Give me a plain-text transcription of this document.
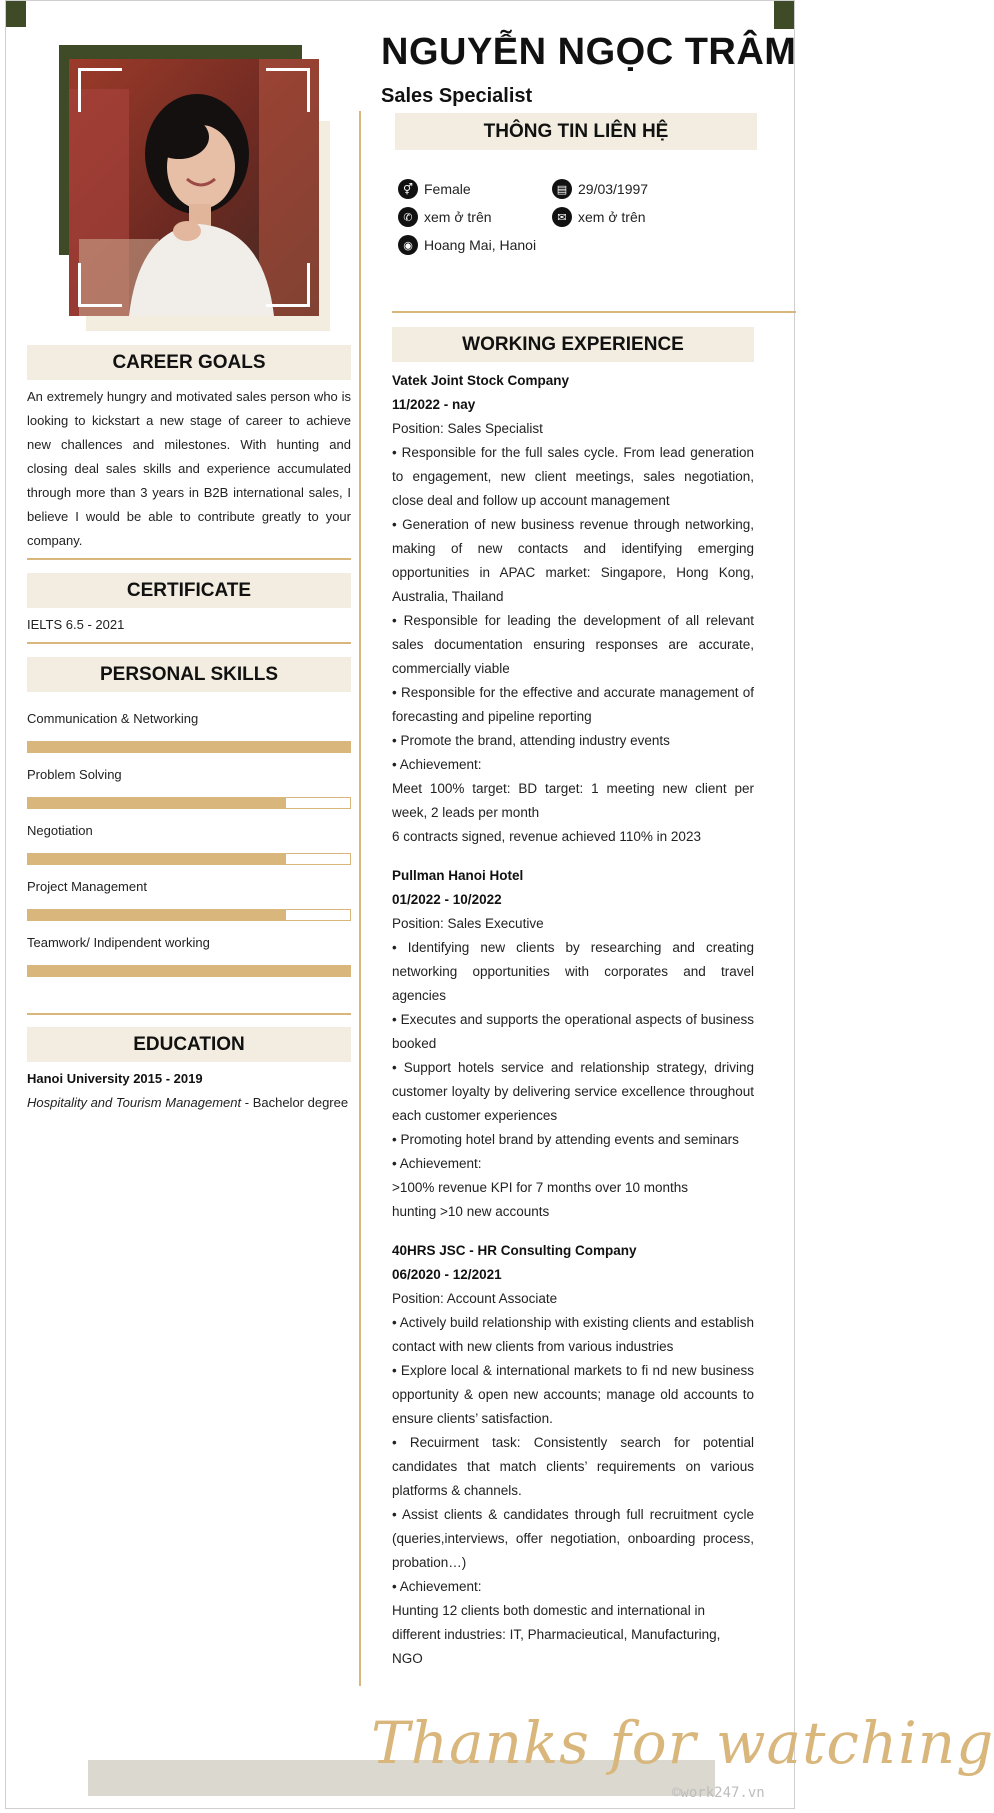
CAREER GOALS
An extremely hungry and motivated sales person who is looking to kickstart a new stage of career to achieve new challences and milestones. With hunting and closing deal sales skills and experience accumulated through more than 3 years in B2B international sales, I believe I would be able to contribute greatly to your company.
CERTIFICATE
IELTS 6.5 - 2021
PERSONAL SKILLS
Communication & Networking
Problem Solving
Negotiation
Project Management
Teamwork/ Indipendent working
EDUCATION
Hanoi University 2015 - 2019
Hospitality and Tourism Management - Bachelor degree
NGUYỄN NGỌC TRÂM
Sales Specialist
THÔNG TIN LIÊN HỆ
⚥ Female	▤ 29/03/1997
✆ xem ở trên	✉ xem ở trên
◉ Hoang Mai, Hanoi
WORKING EXPERIENCE
Vatek Joint Stock Company
11/2022 - nay
Position: Sales Specialist
• Responsible for the full sales cycle. From lead generation to engagement, new client meetings, sales negotiation, close deal and follow up account management
• Generation of new business revenue through networking, making of new contacts and identifying emerging opportunities in APAC market: Singapore, Hong Kong, Australia, Thailand
• Responsible for leading the development of all relevant sales documentation ensuring responses are accurate, commercially viable
• Responsible for the effective and accurate management of forecasting and pipeline reporting
• Promote the brand, attending industry events
• Achievement:
Meet 100% target: BD target: 1 meeting new client per week, 2 leads per month
6 contracts signed, revenue achieved 110% in 2023
Pullman Hanoi Hotel
01/2022 - 10/2022
Position: Sales Executive
• Identifying new clients by researching and creating networking opportunities with corporates and travel agencies
• Executes and supports the operational aspects of business booked
• Support hotels service and relationship strategy, driving customer loyalty by delivering service excellence throughout each customer experiences
• Promoting hotel brand by attending events and seminars
• Achievement:
>100% revenue KPI for 7 months over 10 months
hunting >10 new accounts
40HRS JSC - HR Consulting Company
06/2020 - 12/2021
Position: Account Associate
• Actively build relationship with existing clients and establish contact with new clients from various industries
• Explore local & international markets to fi nd new business opportunity & open new accounts; manage old accounts to ensure clients’ satisfaction.
• Recuirment task: Consistently search for potential candidates that match clients’ requirements on various platforms & channels.
• Assist clients & candidates through full recruitment cycle (queries,interviews, offer negotiation, onboarding process, probation…)
• Achievement:
Hunting 12 clients both domestic and international in different industries: IT, Pharmacieutical, Manufacturing, NGO
Thanks for watching
©work247.vn
